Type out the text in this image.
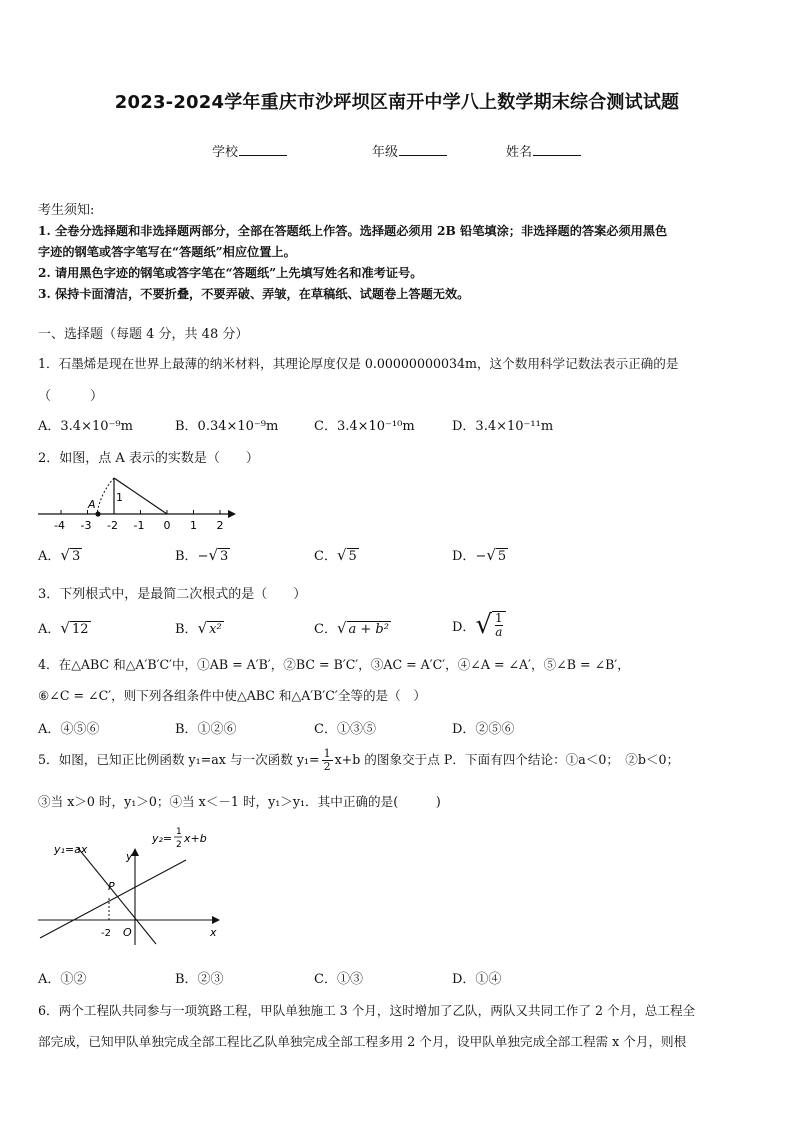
2023-2024学年重庆市沙坪坝区南开中学八上数学期末综合测试试题
学校	年级	姓名
考生须知:
1. 全卷分选择题和非选择题两部分，全部在答题纸上作答。选择题必须用 2B 铅笔填涂；非选择题的答案必须用黑色
字迹的钢笔或答字笔写在“答题纸”相应位置上。
2. 请用黑色字迹的钢笔或答字笔在“答题纸”上先填写姓名和准考证号。
3. 保持卡面清洁，不要折叠，不要弄破、弄皱，在草稿纸、试题卷上答题无效。
一、选择题（每题 4 分，共 48 分）
1．石墨烯是现在世界上最薄的纳米材料，其理论厚度仅是 0.00000000034m，这个数用科学记数法表示正确的是
（　　　）
A．3.4×10⁻⁹m	B．0.34×10⁻⁹m	C．3.4×10⁻¹⁰m	D．3.4×10⁻¹¹m
2．如图，点 A 表示的实数是（　　）
-4 -3 -2 -1 0 1 2
A
1
A．√ 3	B．−√ 3	C．√ 5	D．−√ 5
3．下列根式中，是最简二次根式的是（　　）
A．√ 12	B．√ x²	C．√ a + b²	D．√ $\frac{1}{a}$
4．在△ABC 和△A′B′C′中，①AB = A′B′，②BC = B′C′，③AC = A′C′，④∠A = ∠A′，⑤∠B = ∠B′，
⑥∠C = ∠C′，则下列各组条件中使△ABC 和△A′B′C′全等的是（　）
A．④⑤⑥	B．①②⑥	C．①③⑤	D．②⑤⑥
5．如图，已知正比例函数 y₁=ax 与一次函数 $y_1= \frac{1}{2} x+b$ 的图象交于点 P．下面有四个结论：①a＜0；　②b＜0；
③当 x＞0 时，y₁＞0；④当 x＜－1 时，y₁＞y₁．其中正确的是(　　　)
y₁=ax
y₂= 1
2 x+b
y
x
P
-2 O
A．①②	B．②③	C．①③	D．①④
6．两个工程队共同参与一项筑路工程，甲队单独施工 3 个月，这时增加了乙队，两队又共同工作了 2 个月，总工程全
部完成，已知甲队单独完成全部工程比乙队单独完成全部工程多用 2 个月，设甲队单独完成全部工程需 x 个月，则根
